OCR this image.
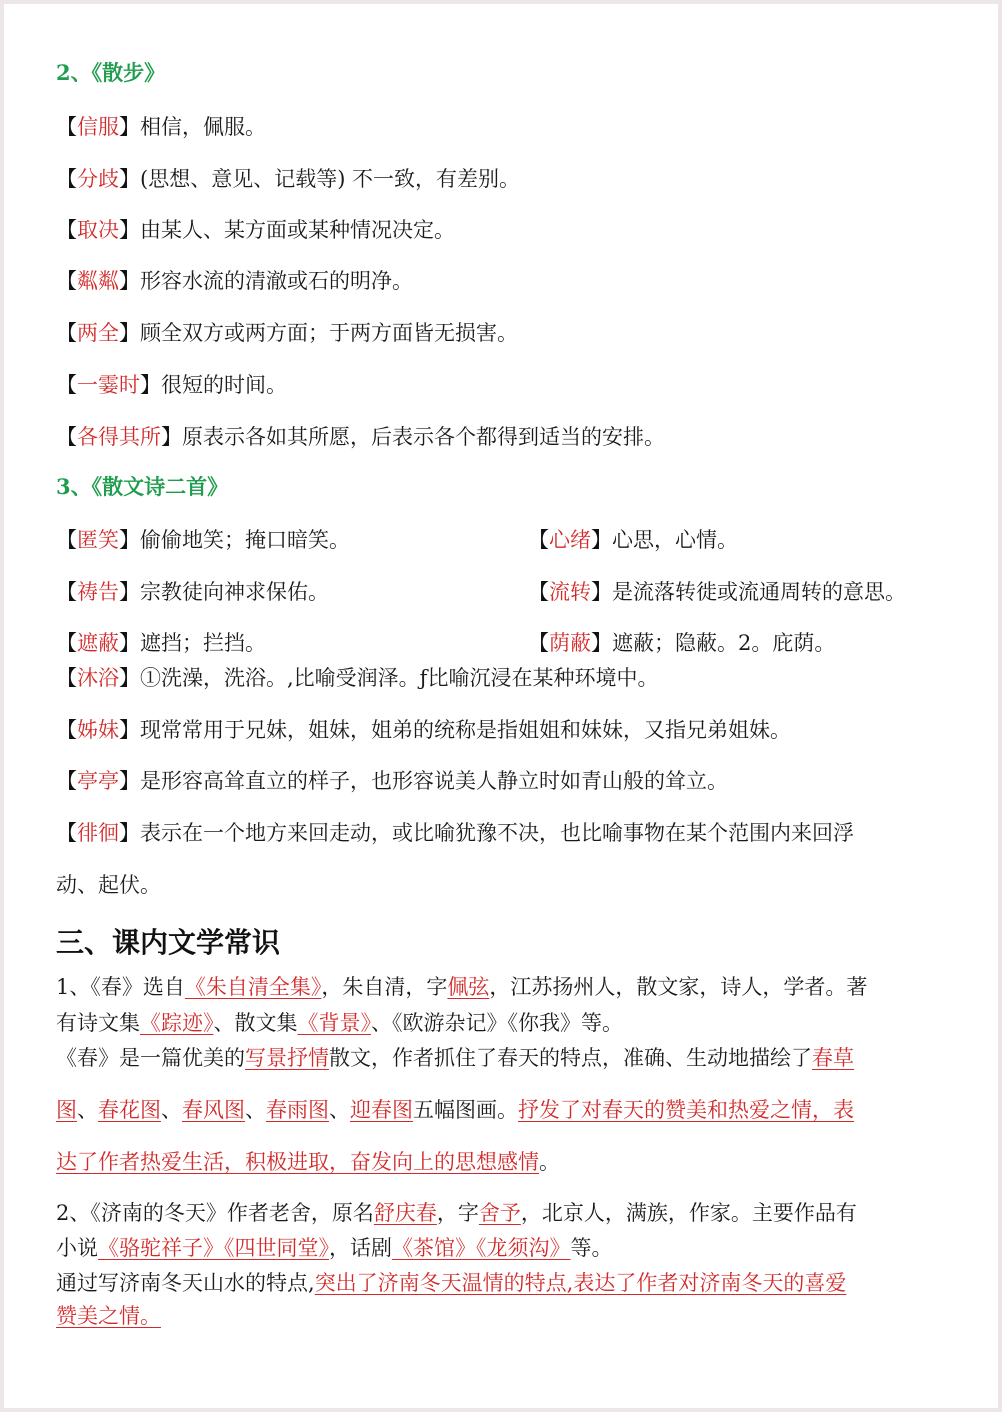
2、《散步》
【信服】相信，佩服。
【分歧】(思想、意见、记载等) 不一致，有差别。
【取决】由某人、某方面或某种情况决定。
【粼粼】形容水流的清澈或石的明净。
【两全】顾全双方或两方面；于两方面皆无损害。
【一霎时】很短的时间。
【各得其所】原表示各如其所愿，后表示各个都得到适当的安排。
3、《散文诗二首》
【匿笑】偷偷地笑；掩口暗笑。	【心绪】心思，心情。
【祷告】宗教徒向神求保佑。	【流转】是流落转徙或流通周转的意思。
【遮蔽】遮挡；拦挡。	【荫蔽】遮蔽；隐蔽。2。庇荫。
【沐浴】①洗澡，洗浴。,比喻受润泽。ƒ比喻沉浸在某种环境中。
【姊妹】现常常用于兄妹，姐妹，姐弟的统称是指姐姐和妹妹，又指兄弟姐妹。
【亭亭】是形容高耸直立的样子，也形容说美人静立时如青山般的耸立。
【徘徊】表示在一个地方来回走动，或比喻犹豫不决，也比喻事物在某个范围内来回浮
动、起伏。
三、课内文学常识
1、《春》选自《朱自清全集》，朱自清，字佩弦，江苏扬州人，散文家，诗人，学者。著
有诗文集《踪迹》、散文集《背景》、《欧游杂记》《你我》等。
《春》是一篇优美的写景抒情散文，作者抓住了春天的特点，准确、生动地描绘了春草
图、春花图、春风图、春雨图、迎春图五幅图画。抒发了对春天的赞美和热爱之情，表
达了作者热爱生活，积极进取，奋发向上的思想感情。
2、《济南的冬天》作者老舍，原名舒庆春，字舍予，北京人，满族，作家。主要作品有
小说《骆驼祥子》《四世同堂》，话剧《茶馆》《龙须沟》等。
通过写济南冬天山水的特点,突出了济南冬天温情的特点,表达了作者对济南冬天的喜爱
赞美之情。
